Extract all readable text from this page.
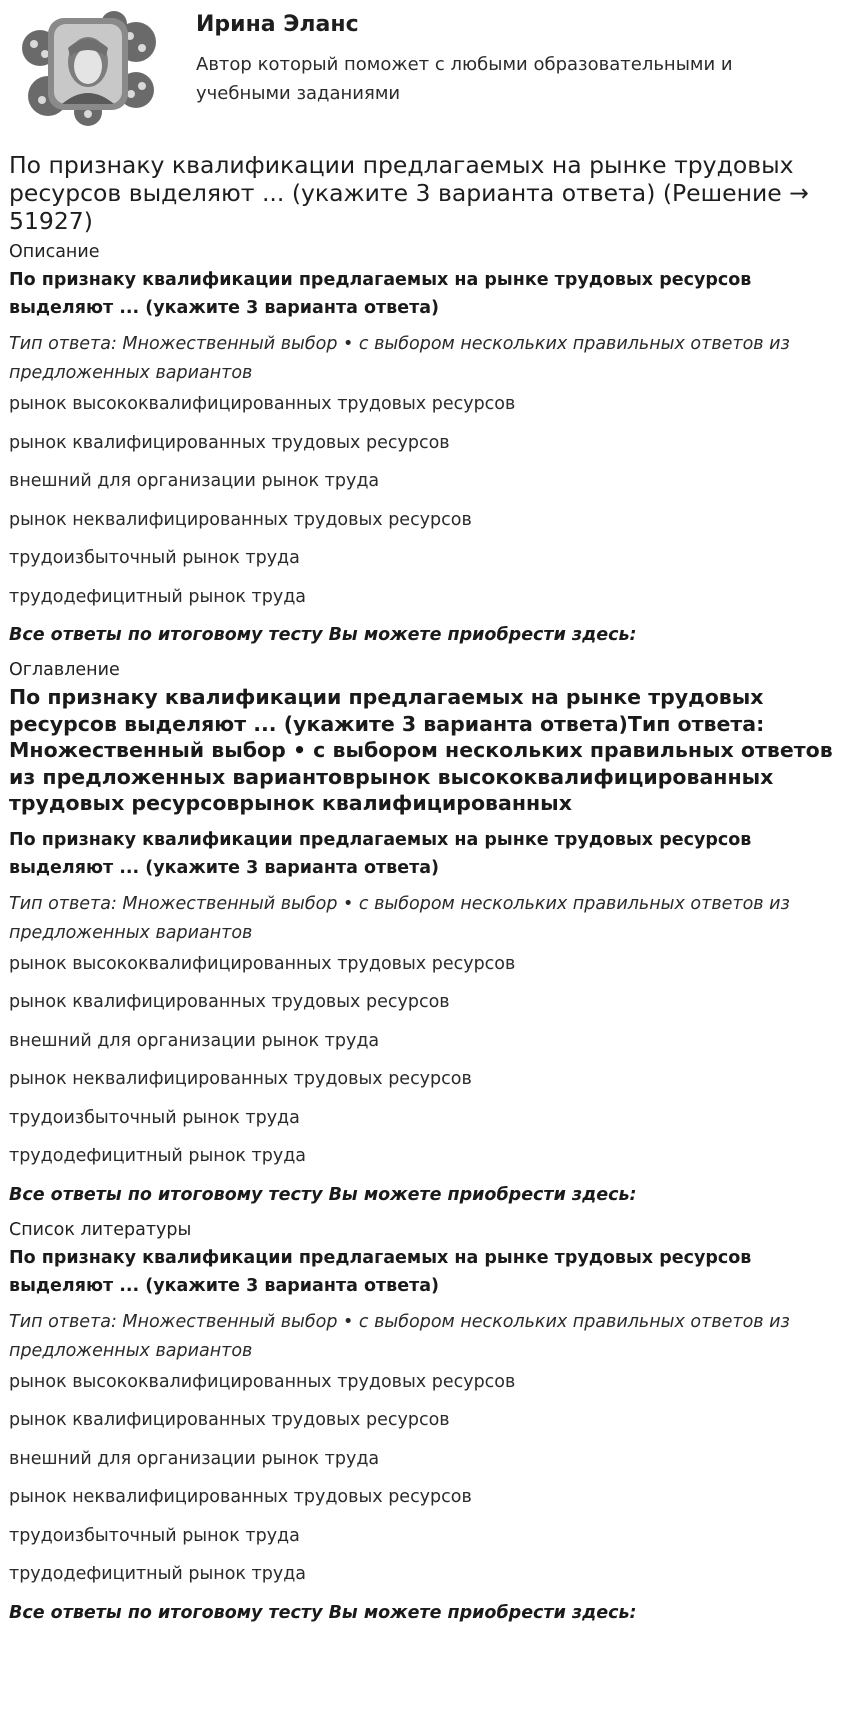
Ирина Эланс
Автор который поможет с любыми образовательными и учебными заданиями
По признаку квалификации предлагаемых на рынке трудовых ресурсов выделяют ... (укажите 3 варианта ответа) (Решение → 51927)
Описание
По признаку квалификации предлагаемых на рынке трудовых ресурсов выделяют ... (укажите 3 варианта ответа)
Тип ответа: Множественный выбор • с выбором нескольких правильных ответов из предложенных вариантов
рынок высококвалифицированных трудовых ресурсов
рынок квалифицированных трудовых ресурсов
внешний для организации рынок труда
рынок неквалифицированных трудовых ресурсов
трудоизбыточный рынок труда
трудодефицитный рынок труда
Все ответы по итоговому тесту Вы можете приобрести здесь:
Оглавление
По признаку квалификации предлагаемых на рынке трудовых ресурсов выделяют ... (укажите 3 варианта ответа)Тип ответа: Множественный выбор • с выбором нескольких правильных ответов из предложенных вариантоврынок высококвалифицированных трудовых ресурсоврынок квалифицированных
По признаку квалификации предлагаемых на рынке трудовых ресурсов выделяют ... (укажите 3 варианта ответа)
Тип ответа: Множественный выбор • с выбором нескольких правильных ответов из предложенных вариантов
рынок высококвалифицированных трудовых ресурсов
рынок квалифицированных трудовых ресурсов
внешний для организации рынок труда
рынок неквалифицированных трудовых ресурсов
трудоизбыточный рынок труда
трудодефицитный рынок труда
Все ответы по итоговому тесту Вы можете приобрести здесь:
Список литературы
По признаку квалификации предлагаемых на рынке трудовых ресурсов выделяют ... (укажите 3 варианта ответа)
Тип ответа: Множественный выбор • с выбором нескольких правильных ответов из предложенных вариантов
рынок высококвалифицированных трудовых ресурсов
рынок квалифицированных трудовых ресурсов
внешний для организации рынок труда
рынок неквалифицированных трудовых ресурсов
трудоизбыточный рынок труда
трудодефицитный рынок труда
Все ответы по итоговому тесту Вы можете приобрести здесь:
